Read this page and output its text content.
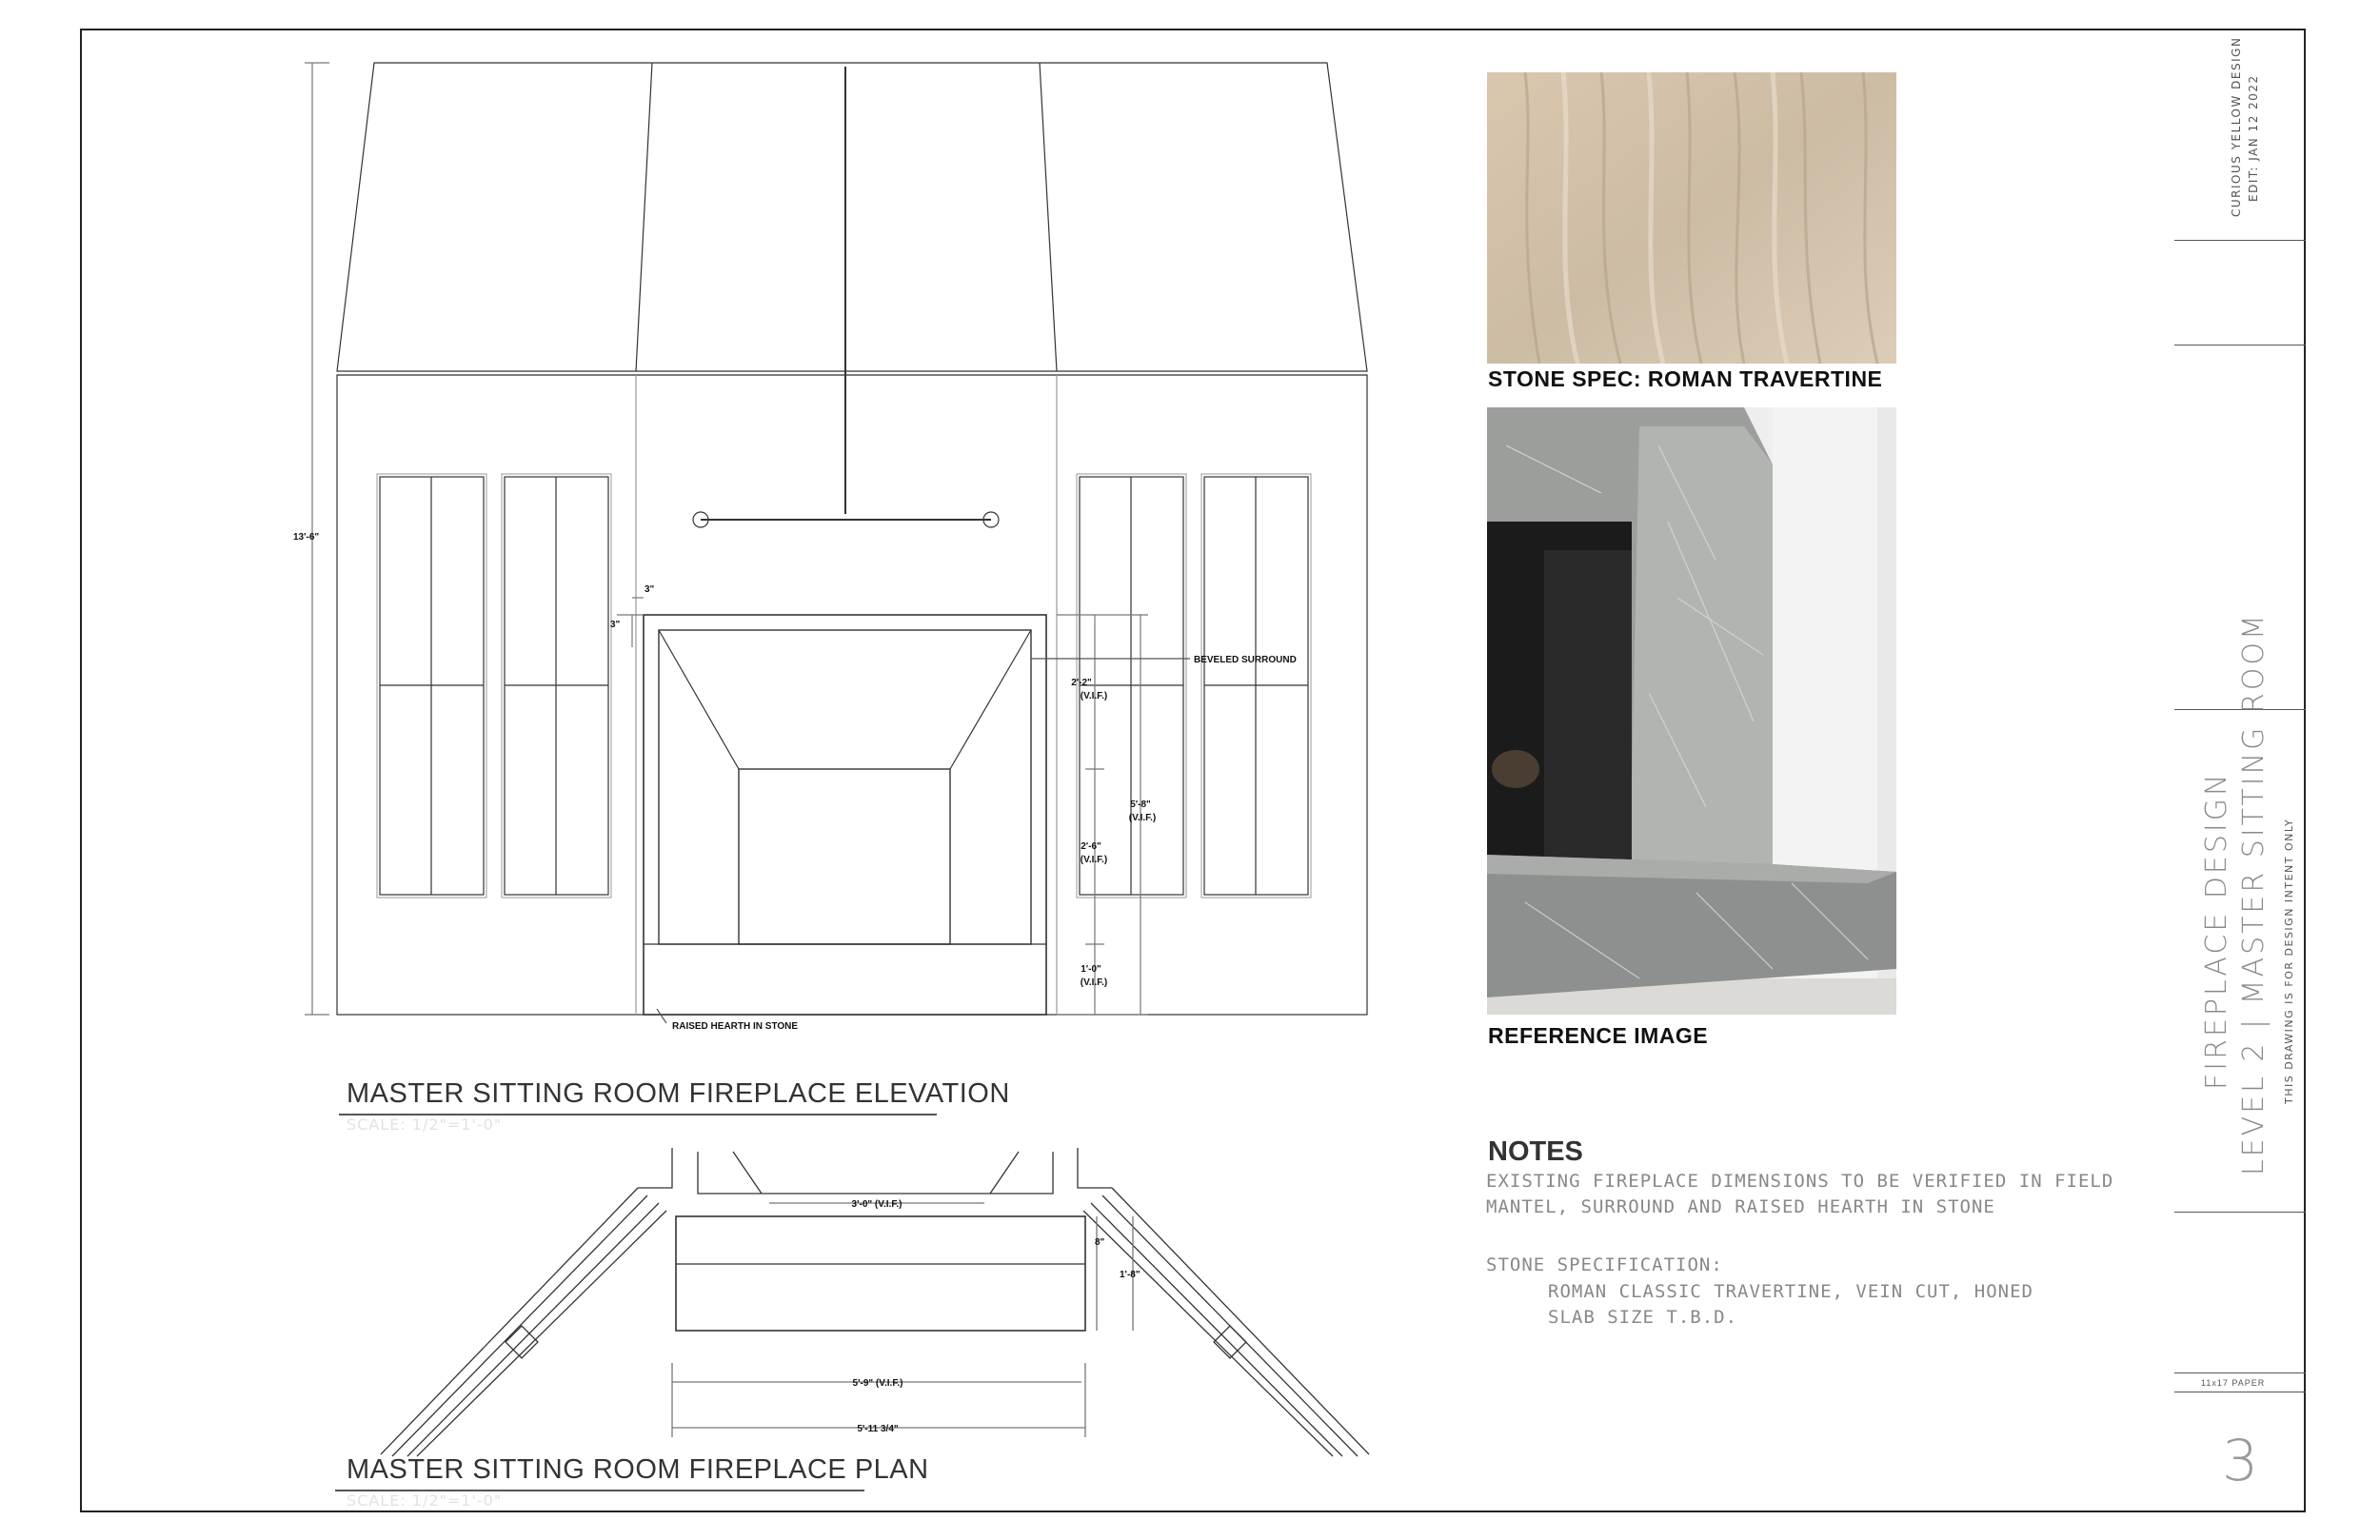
13'-6"
3"
3"
BEVELED SURROUND
2'-2"
(V.I.F.)
5'-8"
(V.I.F.)
2'-6"
(V.I.F.)
1'-0"
(V.I.F.)
RAISED HEARTH IN STONE
3'-0" (V.I.F.)
8"
1'-8"
5'-9" (V.I.F.)
5'-11 3/4"
MASTER SITTING ROOM FIREPLACE ELEVATION
SCALE: 1/2"=1'-0"
MASTER SITTING ROOM FIREPLACE PLAN
SCALE: 1/2"=1'-0"
STONE SPEC: ROMAN TRAVERTINE
REFERENCE IMAGE
NOTES
EXISTING FIREPLACE DIMENSIONS TO BE VERIFIED IN FIELD
MANTEL, SURROUND AND RAISED HEARTH IN STONE
STONE SPECIFICATION:
ROMAN CLASSIC TRAVERTINE, VEIN CUT, HONED
SLAB SIZE T.B.D.
CURIOUS YELLOW DESIGN EDIT: JAN 12 2022
FIREPLACE DESIGN LEVEL 2 | MASTER SITTING ROOM	THIS DRAWING IS FOR DESIGN INTENT ONLY
11x17 PAPER
3
